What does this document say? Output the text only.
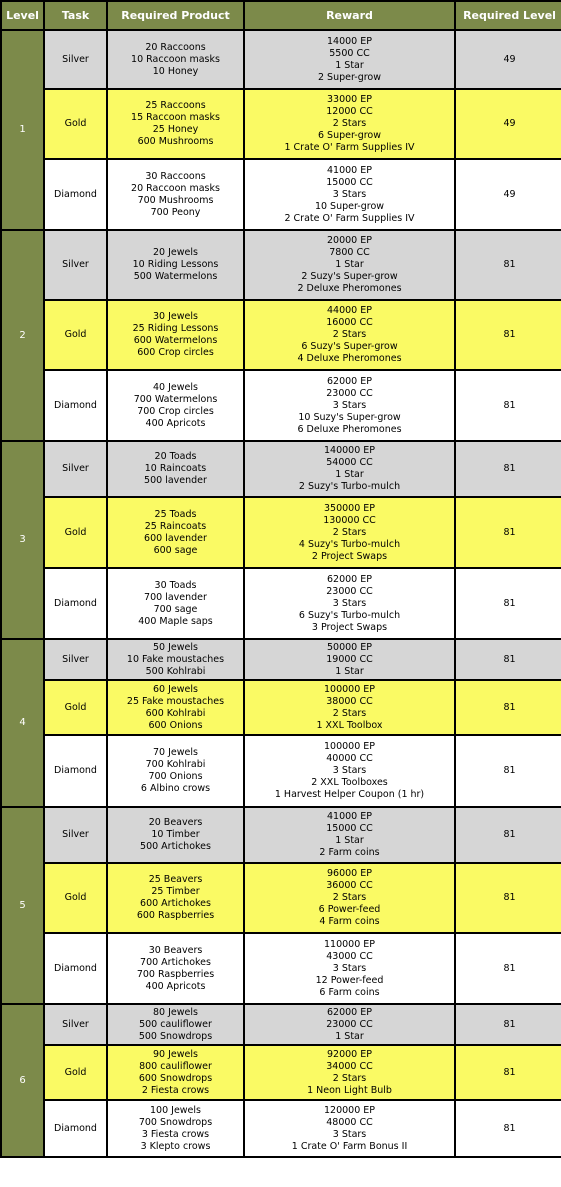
Level	Task	Required Product	Reward	Required Level
1	Silver	20 Raccoons
10 Raccoon masks
10 Honey	14000 EP
5500 CC
1 Star
2 Super-grow	49
	Gold	25 Raccoons
15 Raccoon masks
25 Honey
600 Mushrooms	33000 EP
12000 CC
2 Stars
6 Super-grow
1 Crate O' Farm Supplies IV	49
	Diamond	30 Raccoons
20 Raccoon masks
700 Mushrooms
700 Peony	41000 EP
15000 CC
3 Stars
10 Super-grow
2 Crate O' Farm Supplies IV	49
2	Silver	20 Jewels
10 Riding Lessons
500 Watermelons	20000 EP
7800 CC
1 Star
2 Suzy's Super-grow
2 Deluxe Pheromones	81
	Gold	30 Jewels
25 Riding Lessons
600 Watermelons
600 Crop circles	44000 EP
16000 CC
2 Stars
6 Suzy's Super-grow
4 Deluxe Pheromones	81
	Diamond	40 Jewels
700 Watermelons
700 Crop circles
400 Apricots	62000 EP
23000 CC
3 Stars
10 Suzy's Super-grow
6 Deluxe Pheromones	81
3	Silver	20 Toads
10 Raincoats
500 lavender	140000 EP
54000 CC
1 Star
2 Suzy's Turbo-mulch	81
	Gold	25 Toads
25 Raincoats
600 lavender
600 sage	350000 EP
130000 CC
2 Stars
4 Suzy's Turbo-mulch
2 Project Swaps	81
	Diamond	30 Toads
700 lavender
700 sage
400 Maple saps	62000 EP
23000 CC
3 Stars
6 Suzy's Turbo-mulch
3 Project Swaps	81
4	Silver	50 Jewels
10 Fake moustaches
500 Kohlrabi	50000 EP
19000 CC
1 Star	81
	Gold	60 Jewels
25 Fake moustaches
600 Kohlrabi
600 Onions	100000 EP
38000 CC
2 Stars
1 XXL Toolbox	81
	Diamond	70 Jewels
700 Kohlrabi
700 Onions
6 Albino crows	100000 EP
40000 CC
3 Stars
2 XXL Toolboxes
1 Harvest Helper Coupon (1 hr)	81
5	Silver	20 Beavers
10 Timber
500 Artichokes	41000 EP
15000 CC
1 Star
2 Farm coins	81
	Gold	25 Beavers
25 Timber
600 Artichokes
600 Raspberries	96000 EP
36000 CC
2 Stars
6 Power-feed
4 Farm coins	81
	Diamond	30 Beavers
700 Artichokes
700 Raspberries
400 Apricots	110000 EP
43000 CC
3 Stars
12 Power-feed
6 Farm coins	81
6	Silver	80 Jewels
500 cauliflower
500 Snowdrops	62000 EP
23000 CC
1 Star	81
	Gold	90 Jewels
800 cauliflower
600 Snowdrops
2 Fiesta crows	92000 EP
34000 CC
2 Stars
1 Neon Light Bulb	81
	Diamond	100 Jewels
700 Snowdrops
3 Fiesta crows
3 Klepto crows	120000 EP
48000 CC
3 Stars
1 Crate O' Farm Bonus II	81
